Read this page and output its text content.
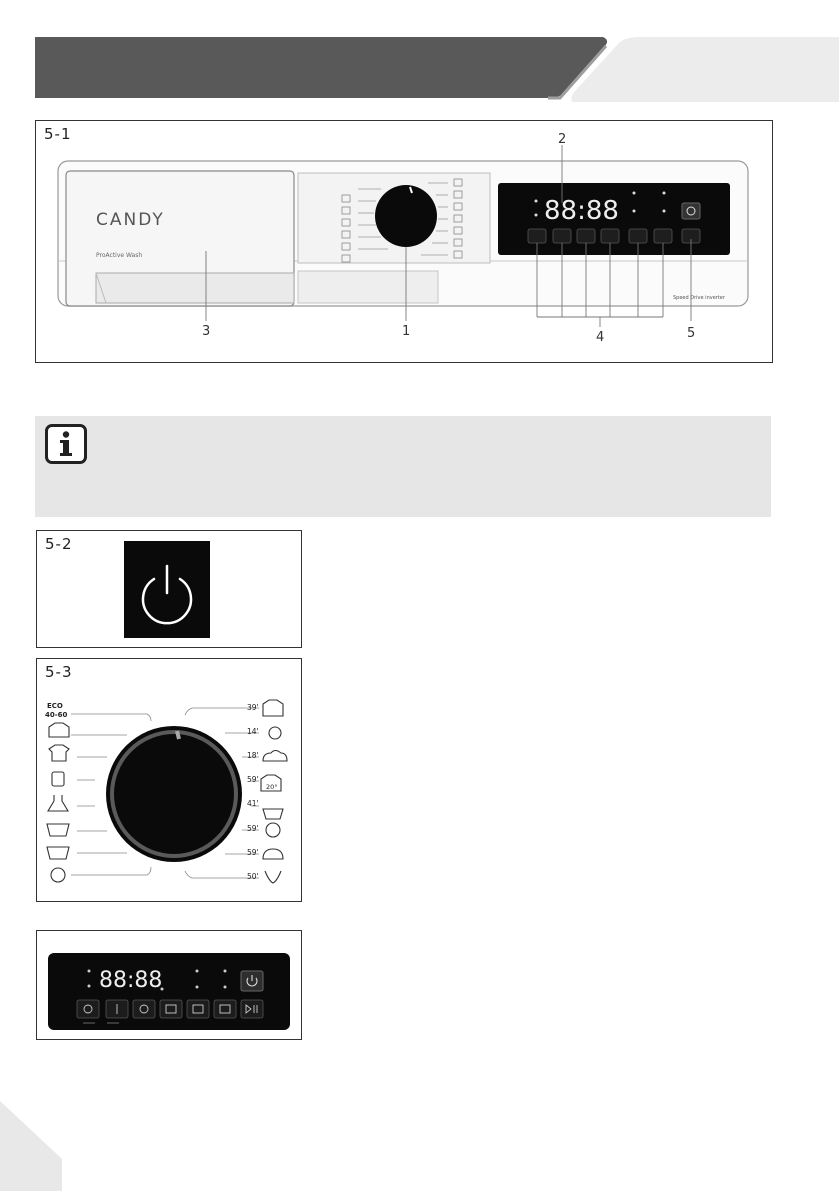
5-1
CANDY
ProActive Wash
88:88
Speed Drive inverter
1
2
3	4	5
5-2
5-3
ECO
40-60
39'
14'
18'
59'
41'
59'
59'
50'
20°
88:88
